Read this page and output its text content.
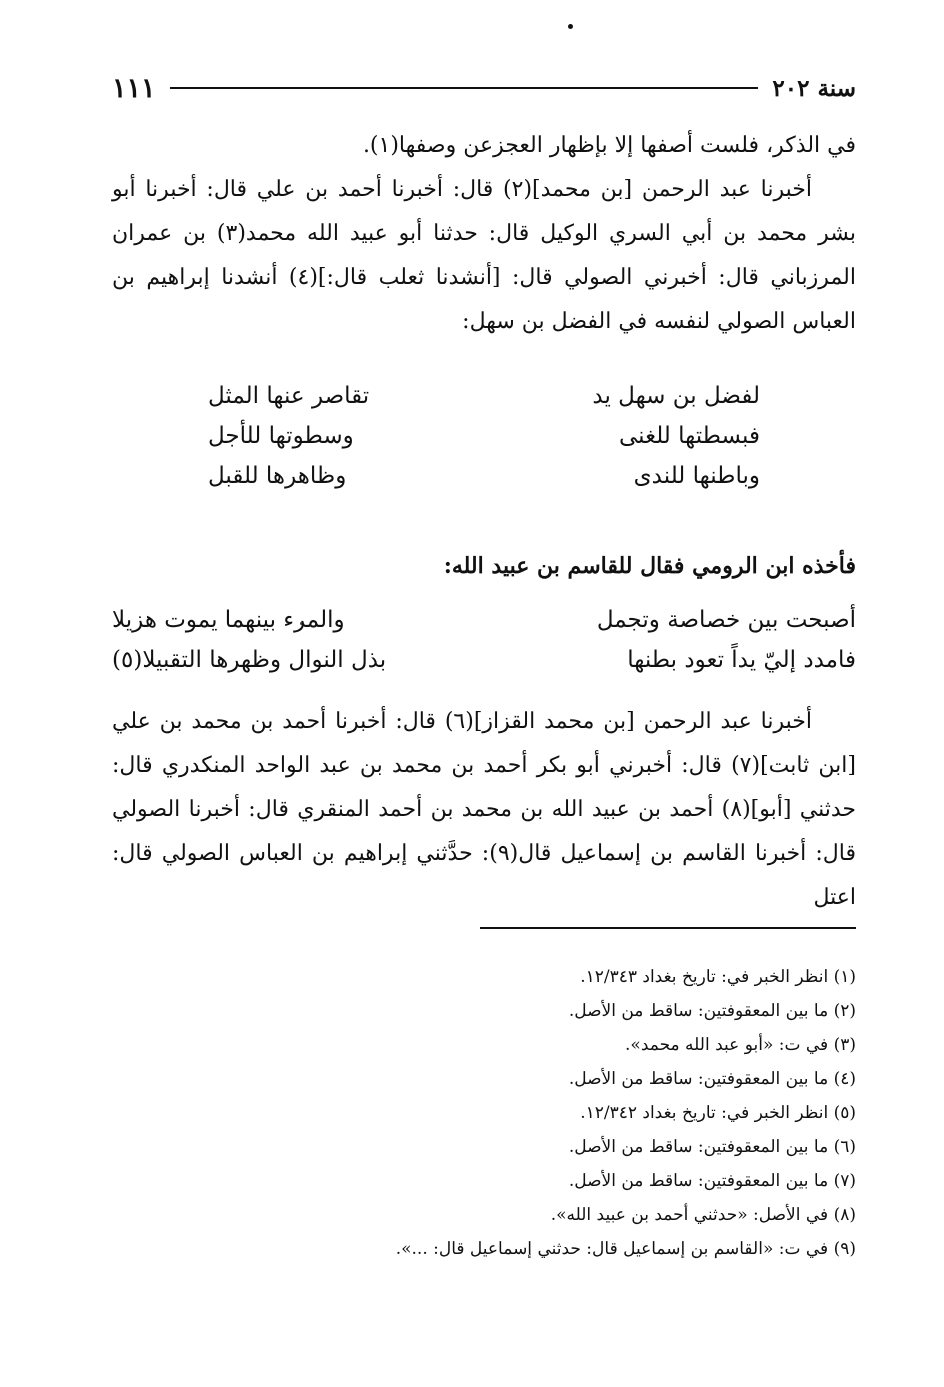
سنة ٢٠٢
١١١

في الذكر، فلست أصفها إلا بإظهار العجزعن وصفها(١).

أخبرنا عبد الرحمن [بن محمد](٢) قال: أخبرنا أحمد بن علي قال: أخبرنا أبو بشر محمد بن أبي السري الوكيل قال: حدثنا أبو عبيد الله محمد(٣) بن عمران المرزباني قال: أخبرني الصولي قال: [أنشدنا ثعلب قال:](٤) أنشدنا إبراهيم بن العباس الصولي لنفسه في الفضل بن سهل:

لفضل بن سهل يد
تقاصر عنها المثل
فبسطتها للغنى
وسطوتها للأجل
وباطنها للندى
وظاهرها للقبل
فأخذه ابن الرومي فقال للقاسم بن عبيد الله:
أصبحت بين خصاصة وتجمل
والمرء بينهما يموت هزيلا
فامدد إليّ يداً تعود بطنها
بذل النوال وظهرها التقبيلا(٥)

أخبرنا عبد الرحمن [بن محمد القزاز](٦) قال: أخبرنا أحمد بن محمد بن علي [ابن ثابت](٧) قال: أخبرني أبو بكر أحمد بن محمد بن عبد الواحد المنكدري قال: حدثني [أبو](٨) أحمد بن عبيد الله بن محمد بن أحمد المنقري قال: أخبرنا الصولي قال: أخبرنا القاسم بن إسماعيل قال(٩): حدَّثني إبراهيم بن العباس الصولي قال: اعتل

(١) انظر الخبر في: تاريخ بغداد ١٢/٣٤٣.
(٢) ما بين المعقوفتين: ساقط من الأصل.
(٣) في ت: «أبو عبد الله محمد».
(٤) ما بين المعقوفتين: ساقط من الأصل.
(٥) انظر الخبر في: تاريخ بغداد ١٢/٣٤٢.
(٦) ما بين المعقوفتين: ساقط من الأصل.
(٧) ما بين المعقوفتين: ساقط من الأصل.
(٨) في الأصل: «حدثني أحمد بن عبيد الله».
(٩) في ت: «القاسم بن إسماعيل قال: حدثني إسماعيل قال: ...».
